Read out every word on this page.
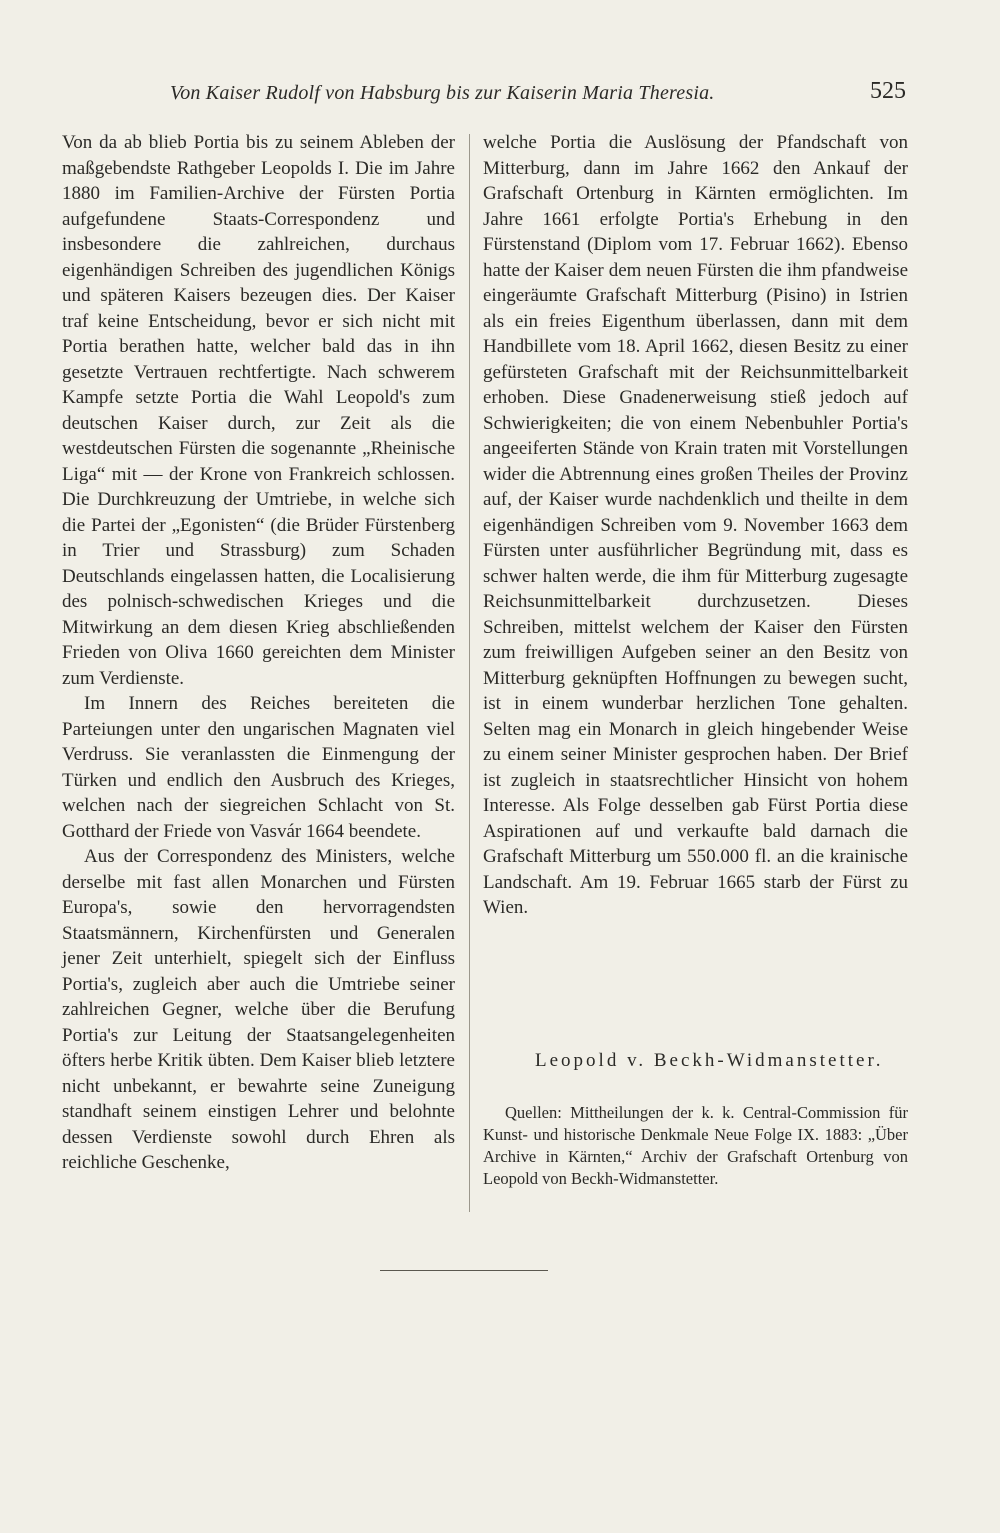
Von Kaiser Rudolf von Habsburg bis zur Kaiserin Maria Theresia.	525

Von da ab blieb Portia bis zu seinem Ableben der maßgebendste Rathgeber Leopolds I. Die im Jahre 1880 im Familien-Archive der Fürsten Portia aufgefundene Staats-Correspondenz und insbesondere die zahlreichen, durchaus eigenhändigen Schreiben des jugendlichen Königs und späteren Kaisers bezeugen dies. Der Kaiser traf keine Entscheidung, bevor er sich nicht mit Portia berathen hatte, welcher bald das in ihn gesetzte Vertrauen rechtfertigte. Nach schwerem Kampfe setzte Portia die Wahl Leopold's zum deutschen Kaiser durch, zur Zeit als die westdeutschen Fürsten die sogenannte „Rheinische Liga“ mit — der Krone von Frankreich schlossen. Die Durchkreuzung der Umtriebe, in welche sich die Partei der „Egonisten“ (die Brüder Fürstenberg in Trier und Strassburg) zum Schaden Deutschlands eingelassen hatten, die Localisierung des polnisch-schwedischen Krieges und die Mitwirkung an dem diesen Krieg abschließenden Frieden von Oliva 1660 gereichten dem Minister zum Verdienste.

Im Innern des Reiches bereiteten die Parteiungen unter den ungarischen Magnaten viel Verdruss. Sie veranlassten die Einmengung der Türken und endlich den Ausbruch des Krieges, welchen nach der siegreichen Schlacht von St. Gotthard der Friede von Vasvár 1664 beendete.

Aus der Correspondenz des Ministers, welche derselbe mit fast allen Monarchen und Fürsten Europa's, sowie den hervorragendsten Staatsmännern, Kirchenfürsten und Generalen jener Zeit unterhielt, spiegelt sich der Einfluss Portia's, zugleich aber auch die Umtriebe seiner zahlreichen Gegner, welche über die Berufung Portia's zur Leitung der Staatsangelegenheiten öfters herbe Kritik übten. Dem Kaiser blieb letztere nicht unbekannt, er bewahrte seine Zuneigung standhaft seinem einstigen Lehrer und belohnte dessen Verdienste sowohl durch Ehren als reichliche Geschenke,

welche Portia die Auslösung der Pfandschaft von Mitterburg, dann im Jahre 1662 den Ankauf der Grafschaft Ortenburg in Kärnten ermöglichten. Im Jahre 1661 erfolgte Portia's Erhebung in den Fürstenstand (Diplom vom 17. Februar 1662). Ebenso hatte der Kaiser dem neuen Fürsten die ihm pfandweise eingeräumte Grafschaft Mitterburg (Pisino) in Istrien als ein freies Eigenthum überlassen, dann mit dem Handbillete vom 18. April 1662, diesen Besitz zu einer gefürsteten Grafschaft mit der Reichsunmittelbarkeit erhoben. Diese Gnadenerweisung stieß jedoch auf Schwierigkeiten; die von einem Nebenbuhler Portia's angeeiferten Stände von Krain traten mit Vorstellungen wider die Abtrennung eines großen Theiles der Provinz auf, der Kaiser wurde nachdenklich und theilte in dem eigenhändigen Schreiben vom 9. November 1663 dem Fürsten unter ausführlicher Begründung mit, dass es schwer halten werde, die ihm für Mitterburg zugesagte Reichsunmittelbarkeit durchzusetzen. Dieses Schreiben, mittelst welchem der Kaiser den Fürsten zum freiwilligen Aufgeben seiner an den Besitz von Mitterburg geknüpften Hoffnungen zu bewegen sucht, ist in einem wunderbar herzlichen Tone gehalten. Selten mag ein Monarch in gleich hingebender Weise zu einem seiner Minister gesprochen haben. Der Brief ist zugleich in staatsrechtlicher Hinsicht von hohem Interesse. Als Folge desselben gab Fürst Portia diese Aspirationen auf und verkaufte bald darnach die Grafschaft Mitterburg um 550.000 fl. an die krainische Landschaft. Am 19. Februar 1665 starb der Fürst zu Wien.

Leopold v. Beckh-Widmanstetter.

Quellen: Mittheilungen der k. k. Central-Commission für Kunst- und historische Denkmale Neue Folge IX. 1883: „Über Archive in Kärnten,“ Archiv der Grafschaft Ortenburg von Leopold von Beckh-Widmanstetter.
